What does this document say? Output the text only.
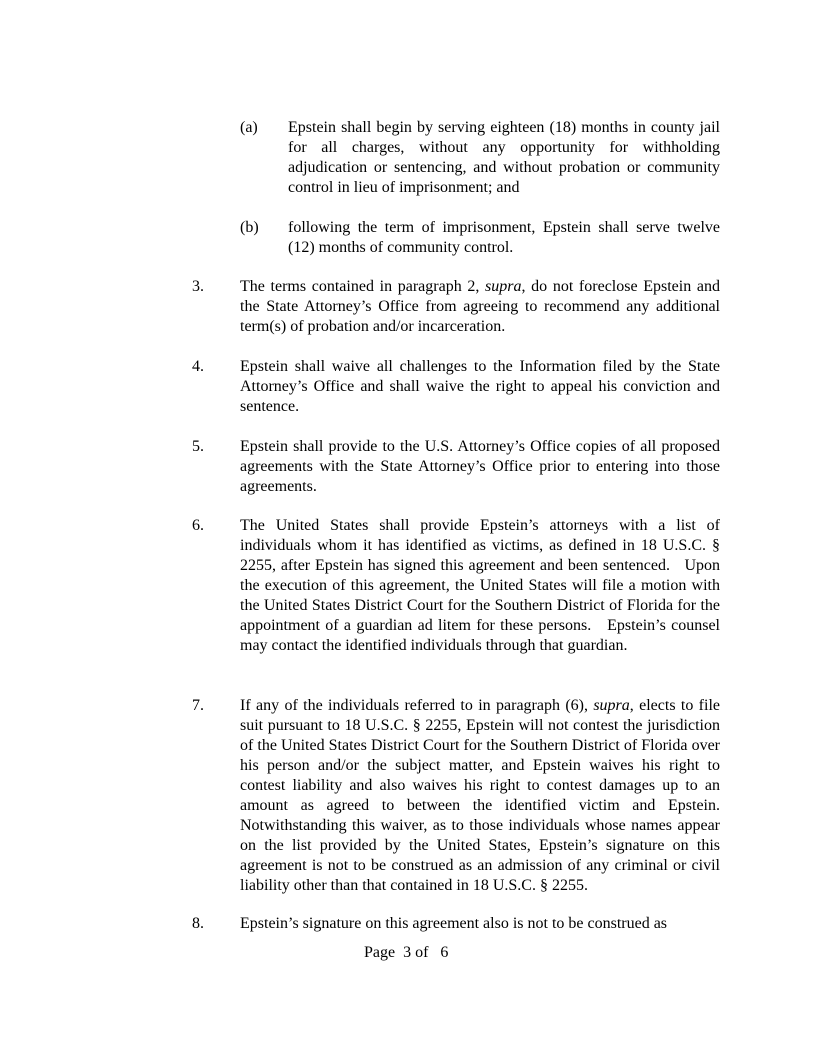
(a) Epstein shall begin by serving eighteen (18) months in county jail for all charges, without any opportunity for withholding adjudication or sentencing, and without probation or community control in lieu of imprisonment; and
(b) following the term of imprisonment, Epstein shall serve twelve (12) months of community control.
3. The terms contained in paragraph 2, supra, do not foreclose Epstein and the State Attorney’s Office from agreeing to recommend any additional term(s) of probation and/or incarceration.
4. Epstein shall waive all challenges to the Information filed by the State Attorney’s Office and shall waive the right to appeal his conviction and sentence.
5. Epstein shall provide to the U.S. Attorney’s Office copies of all proposed agreements with the State Attorney’s Office prior to entering into those agreements.
6. The United States shall provide Epstein’s attorneys with a list of individuals whom it has identified as victims, as defined in 18 U.S.C. § 2255, after Epstein has signed this agreement and been sentenced.   Upon the execution of this agreement, the United States will file a motion with the United States District Court for the Southern District of Florida for the appointment of a guardian ad litem for these persons.   Epstein’s counsel may contact the identified individuals through that guardian.
7. If any of the individuals referred to in paragraph (6), supra, elects to file suit pursuant to 18 U.S.C. § 2255, Epstein will not contest the jurisdiction of the United States District Court for the Southern District of Florida over his person and/or the subject matter, and Epstein waives his right to contest liability and also waives his right to contest damages up to an amount as agreed to between the identified victim and Epstein.   Notwithstanding this waiver, as to those individuals whose names appear on the list provided by the United States, Epstein’s signature on this agreement is not to be construed as an admission of any criminal or civil liability other than that contained in 18 U.S.C. § 2255.
8. Epstein’s signature on this agreement also is not to be construed as
Page  3 of   6
